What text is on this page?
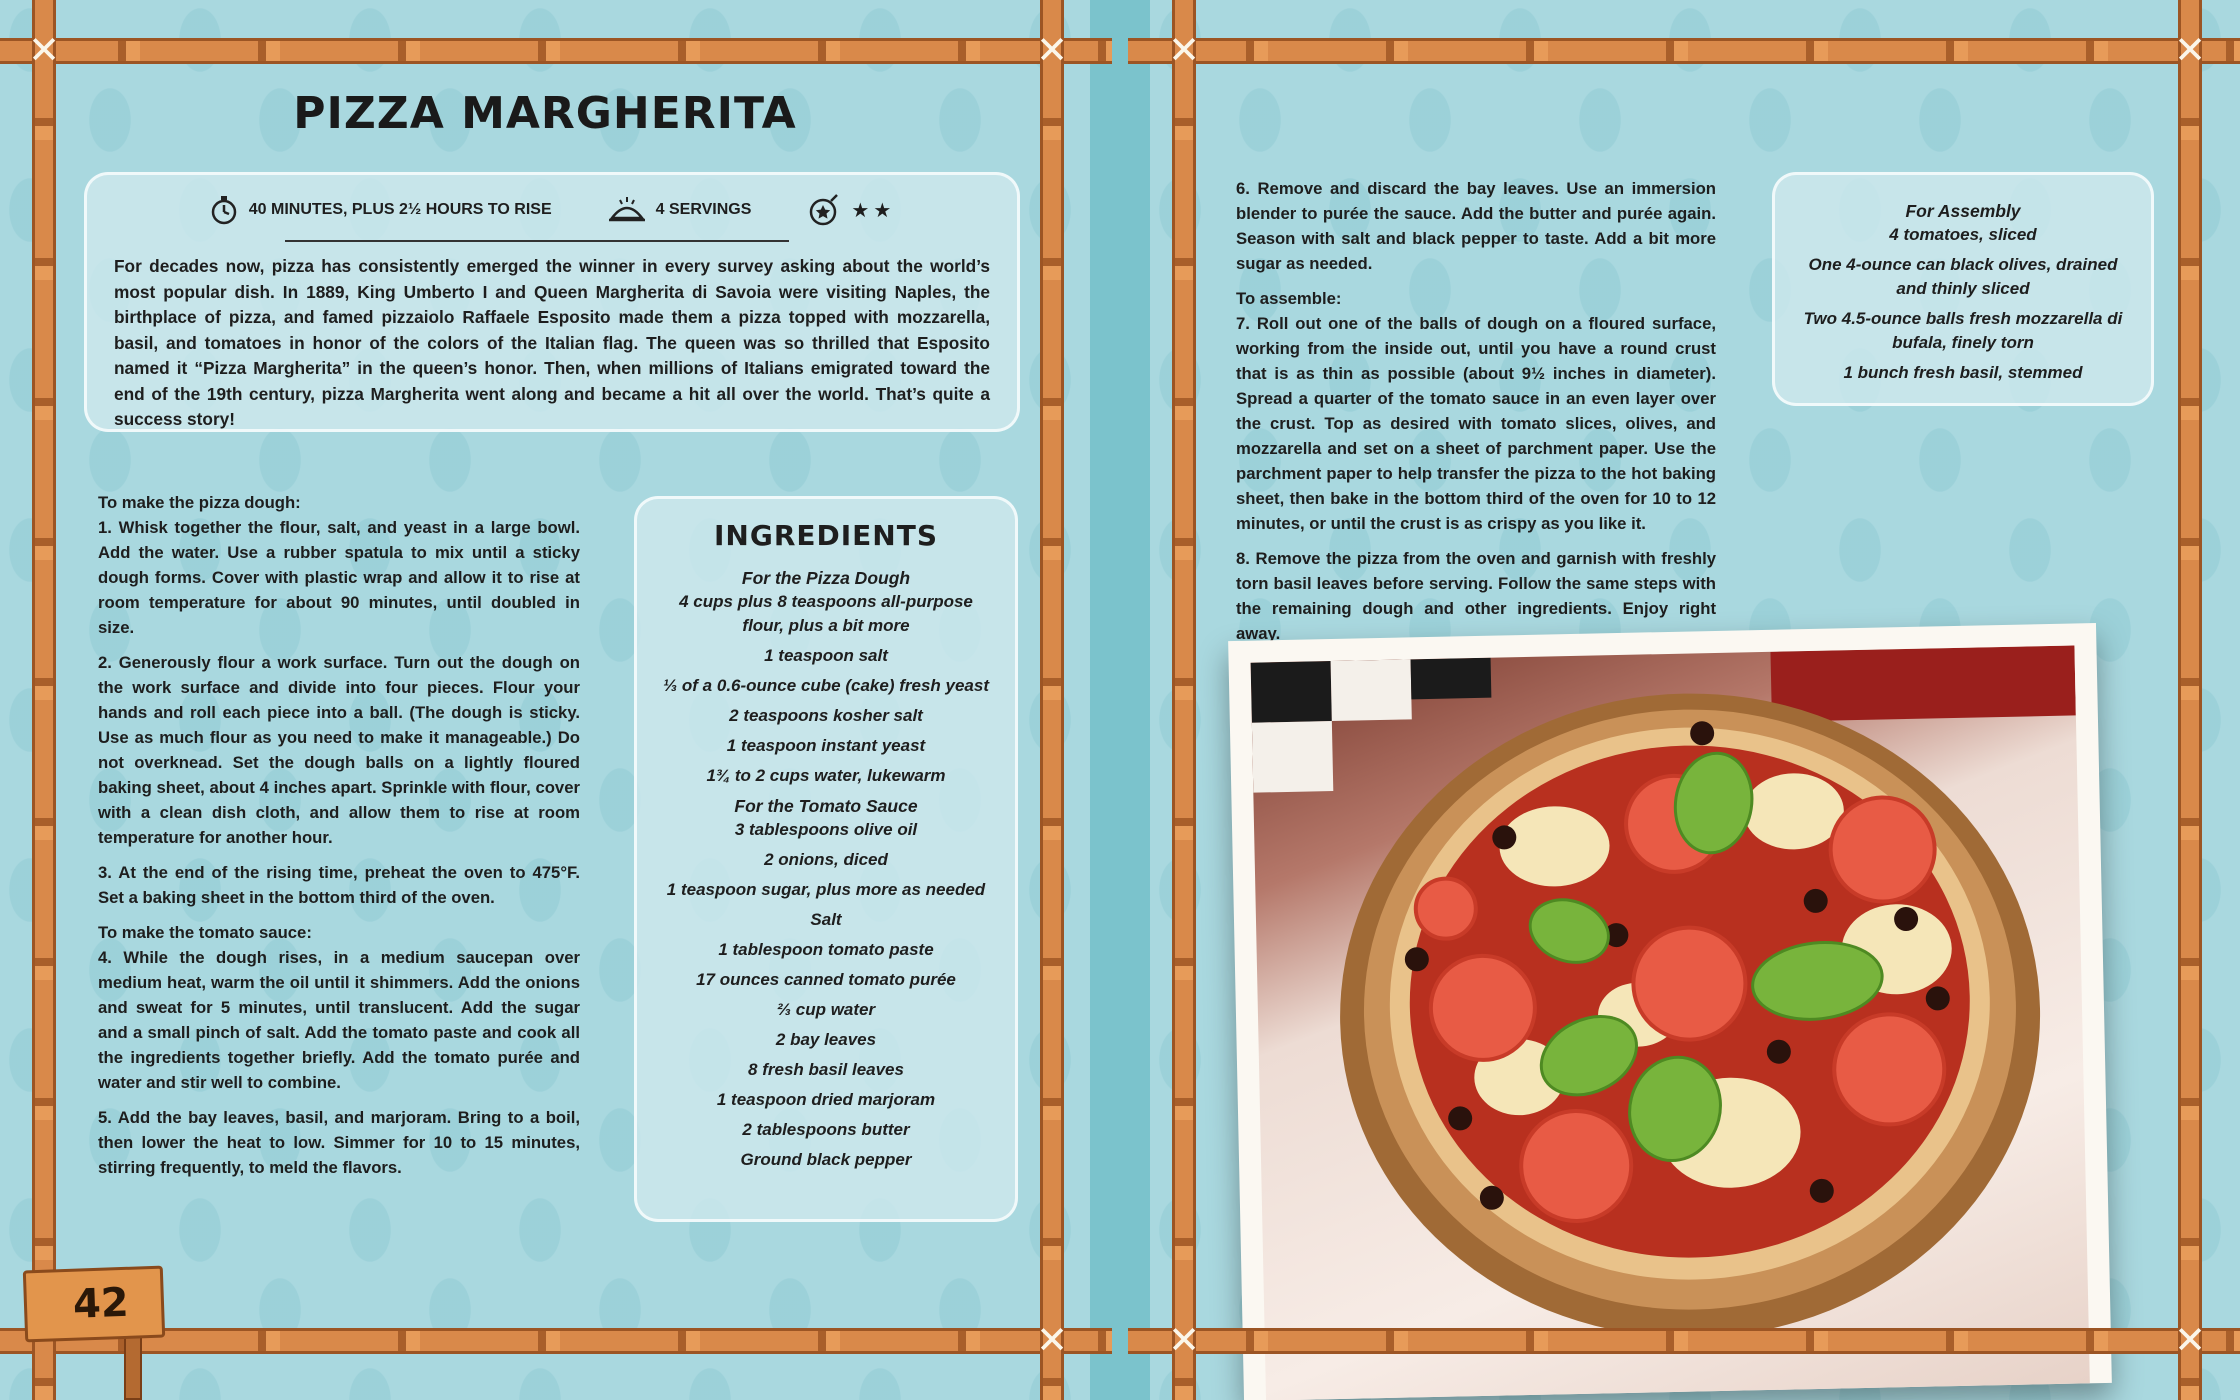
PIZZA MARGHERITA
40 MINUTES, PLUS 2½ HOURS TO RISE	4 SERVINGS	★★
For decades now, pizza has consistently emerged the winner in every survey asking about the world’s most popular dish. In 1889, King Umberto I and Queen Margherita di Savoia were visiting Naples, the birthplace of pizza, and famed pizzaiolo Raffaele Esposito made them a pizza topped with mozzarella, basil, and tomatoes in honor of the colors of the Italian flag. The queen was so thrilled that Esposito named it “Pizza Margherita” in the queen’s honor. Then, when millions of Italians emigrated toward the end of the 19th century, pizza Margherita went along and became a hit all over the world. That’s quite a success story!

To make the pizza dough:

1. Whisk together the flour, salt, and yeast in a large bowl. Add the water. Use a rubber spatula to mix until a sticky dough forms. Cover with plastic wrap and allow it to rise at room temperature for about 90 minutes, until doubled in size.

2. Generously flour a work surface. Turn out the dough on the work surface and divide into four pieces. Flour your hands and roll each piece into a ball. (The dough is sticky. Use as much flour as you need to make it manageable.) Do not overknead. Set the dough balls on a lightly floured baking sheet, about 4 inches apart. Sprinkle with flour, cover with a clean dish cloth, and allow them to rise at room temperature for another hour.

3. At the end of the rising time, preheat the oven to 475°F. Set a baking sheet in the bottom third of the oven.

To make the tomato sauce:

4. While the dough rises, in a medium saucepan over medium heat, warm the oil until it shimmers. Add the onions and sweat for 5 minutes, until translucent. Add the sugar and a small pinch of salt. Add the tomato paste and cook all the ingredients together briefly. Add the tomato purée and water and stir well to combine.

5. Add the bay leaves, basil, and marjoram. Bring to a boil, then lower the heat to low. Simmer for 10 to 15 minutes, stirring frequently, to meld the flavors.

INGREDIENTS
For the Pizza Dough
4 cups plus 8 teaspoons all-purpose flour, plus a bit more
1 teaspoon salt
⅓ of a 0.6-ounce cube (cake) fresh yeast
2 teaspoons kosher salt
1 teaspoon instant yeast
1¾ to 2 cups water, lukewarm
For the Tomato Sauce
3 tablespoons olive oil
2 onions, diced
1 teaspoon sugar, plus more as needed
Salt
1 tablespoon tomato paste
17 ounces canned tomato purée
⅔ cup water
2 bay leaves
8 fresh basil leaves
1 teaspoon dried marjoram
2 tablespoons butter
Ground black pepper

6. Remove and discard the bay leaves. Use an immersion blender to purée the sauce. Add the butter and purée again. Season with salt and black pepper to taste. Add a bit more sugar as needed.

To assemble:

7. Roll out one of the balls of dough on a floured surface, working from the inside out, until you have a round crust that is as thin as possible (about 9½ inches in diameter). Spread a quarter of the tomato sauce in an even layer over the crust. Top as desired with tomato slices, olives, and mozzarella and set on a sheet of parchment paper. Use the parchment paper to help transfer the pizza to the hot baking sheet, then bake in the bottom third of the oven for 10 to 12 minutes, or until the crust is as crispy as you like it.

8. Remove the pizza from the oven and garnish with freshly torn basil leaves before serving. Follow the same steps with the remaining dough and other ingredients. Enjoy right away.

For Assembly
4 tomatoes, sliced
One 4-ounce can black olives, drained and thinly sliced
Two 4.5-ounce balls fresh mozzarella di bufala, finely torn
1 bunch fresh basil, stemmed
✕	✕	✕	✕
✕	✕	✕
42
